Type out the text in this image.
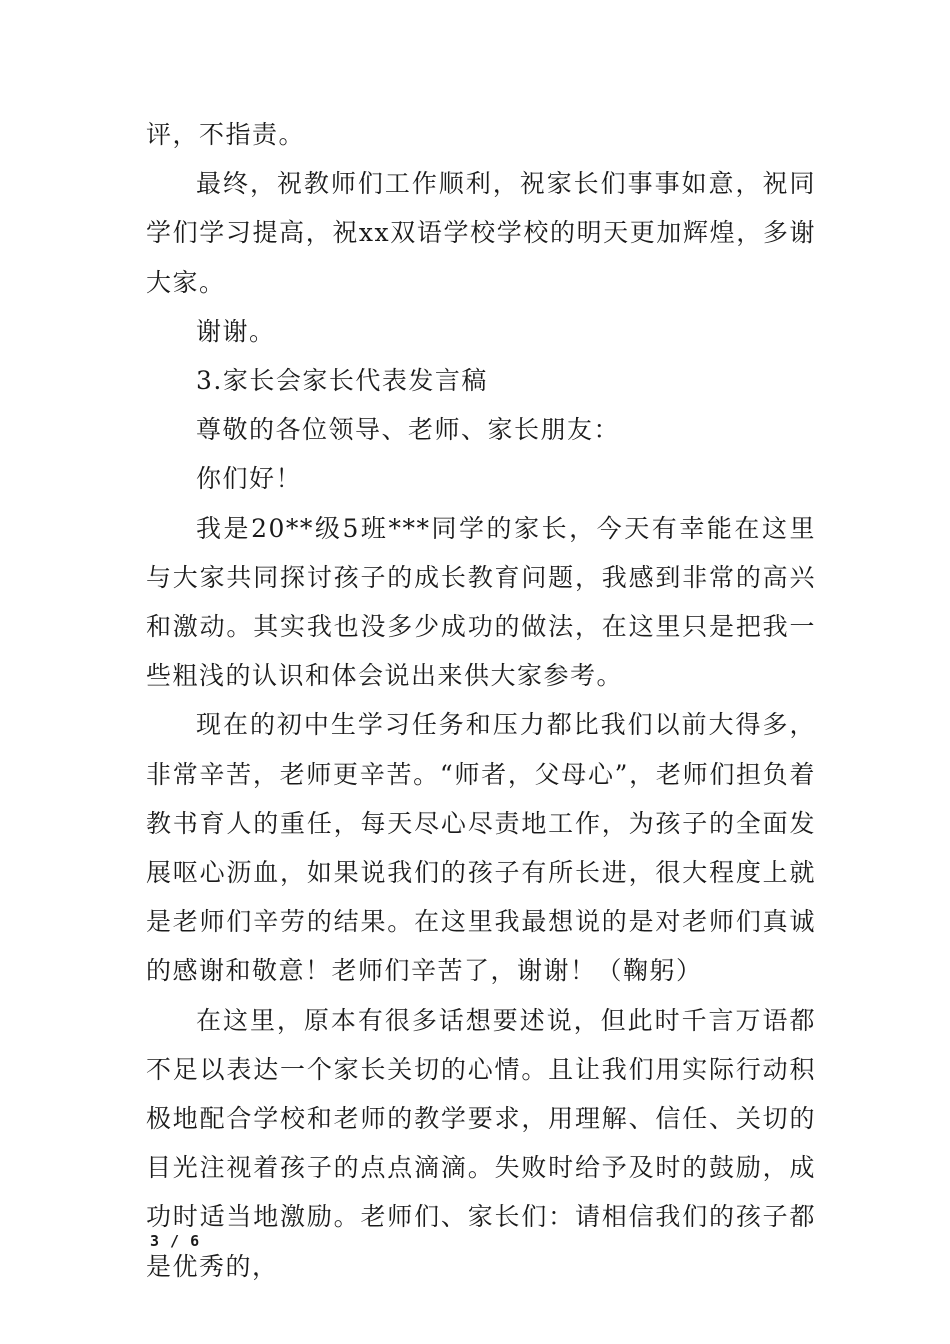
评，不指责。

最终，祝教师们工作顺利，祝家长们事事如意，祝同学们学习提高，祝xx双语学校学校的明天更加辉煌，多谢大家。

谢谢。

3.家长会家长代表发言稿

尊敬的各位领导、老师、家长朋友：

你们好！

我是20**级5班***同学的家长，今天有幸能在这里与大家共同探讨孩子的成长教育问题，我感到非常的高兴和激动。其实我也没多少成功的做法，在这里只是把我一些粗浅的认识和体会说出来供大家参考。

现在的初中生学习任务和压力都比我们以前大得多，非常辛苦，老师更辛苦。“师者，父母心”，老师们担负着教书育人的重任，每天尽心尽责地工作，为孩子的全面发展呕心沥血，如果说我们的孩子有所长进，很大程度上就是老师们辛劳的结果。在这里我最想说的是对老师们真诚的感谢和敬意！老师们辛苦了，谢谢！（鞠躬）

在这里，原本有很多话想要述说，但此时千言万语都不足以表达一个家长关切的心情。且让我们用实际行动积极地配合学校和老师的教学要求，用理解、信任、关切的目光注视着孩子的点点滴滴。失败时给予及时的鼓励，成功时适当地激励。老师们、家长们：请相信我们的孩子都是优秀的，

3 / 6
